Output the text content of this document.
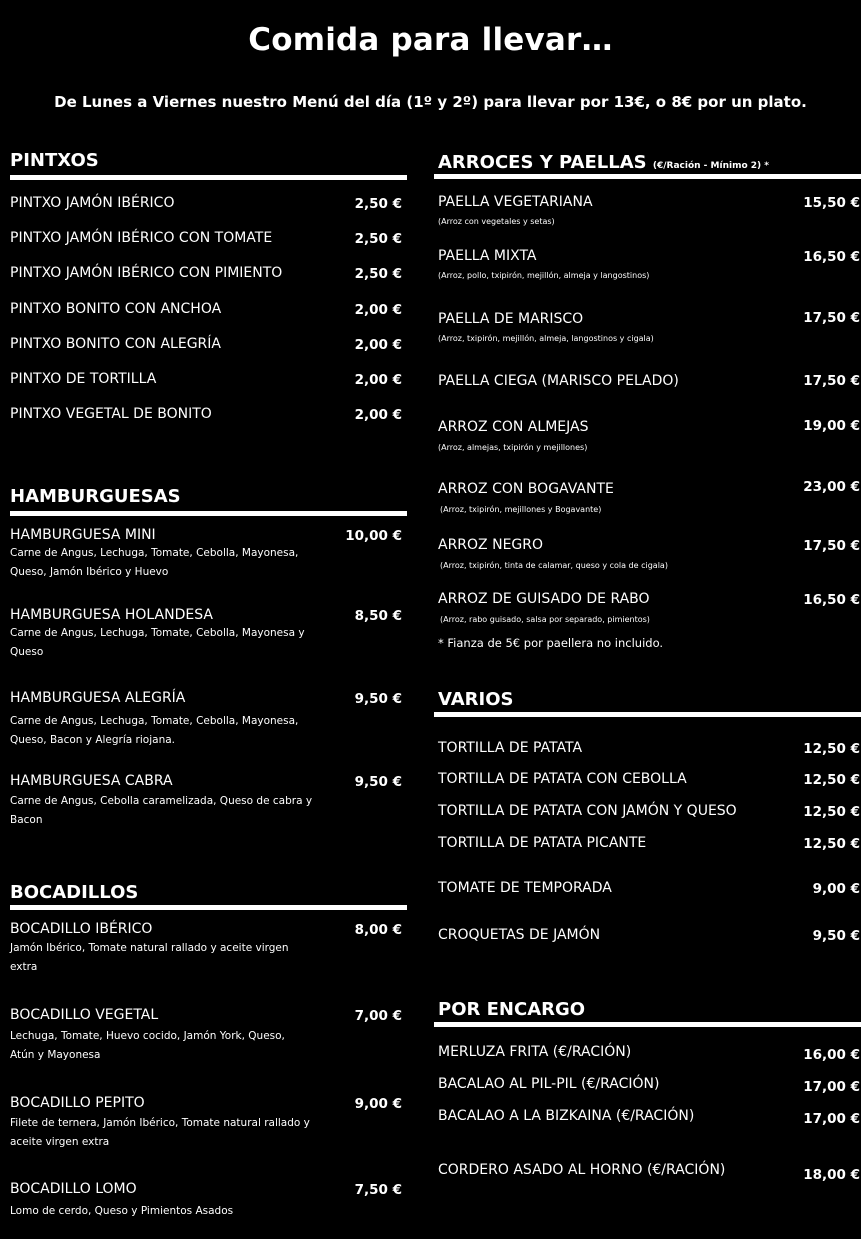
Comida para llevar…
De Lunes a Viernes nuestro Menú del día (1º y 2º) para llevar por 13€, o 8€ por un plato.
PINTXOS
PINTXO JAMÓN IBÉRICO	2,50 €
PINTXO JAMÓN IBÉRICO CON TOMATE	2,50 €
PINTXO JAMÓN IBÉRICO CON PIMIENTO	2,50 €
PINTXO BONITO CON ANCHOA	2,00 €
PINTXO BONITO CON ALEGRÍA	2,00 €
PINTXO DE TORTILLA	2,00 €
PINTXO VEGETAL DE BONITO	2,00 €
HAMBURGUESAS
HAMBURGUESA MINI	10,00 €
Carne de Angus, Lechuga, Tomate, Cebolla, Mayonesa, Queso, Jamón Ibérico y Huevo
HAMBURGUESA HOLANDESA	8,50 €
Carne de Angus, Lechuga, Tomate, Cebolla, Mayonesa y Queso
HAMBURGUESA ALEGRÍA	9,50 €
Carne de Angus, Lechuga, Tomate, Cebolla, Mayonesa, Queso, Bacon y Alegría riojana.
HAMBURGUESA CABRA	9,50 €
Carne de Angus, Cebolla caramelizada, Queso de cabra y Bacon
BOCADILLOS
BOCADILLO IBÉRICO	8,00 €
Jamón Ibérico, Tomate natural rallado y aceite virgen extra
BOCADILLO VEGETAL	7,00 €
Lechuga, Tomate, Huevo cocido, Jamón York, Queso, Atún y Mayonesa
BOCADILLO PEPITO	9,00 €
Filete de ternera, Jamón Ibérico, Tomate natural rallado y aceite virgen extra
BOCADILLO LOMO	7,50 €
Lomo de cerdo, Queso y Pimientos Asados
ARROCES Y PAELLAS (€/Ración - Mínimo 2) *
PAELLA VEGETARIANA	15,50 €
(Arroz con vegetales y setas)
PAELLA MIXTA	16,50 €
(Arroz, pollo, txipirón, mejillón, almeja y langostinos)
PAELLA DE MARISCO	17,50 €
(Arroz, txipirón, mejillón, almeja, langostinos y cigala)
PAELLA CIEGA (MARISCO PELADO)	17,50 €
ARROZ CON ALMEJAS	19,00 €
(Arroz, almejas, txipirón y mejillones)
ARROZ CON BOGAVANTE	23,00 €
(Arroz, txipirón, mejillones y Bogavante)
ARROZ NEGRO	17,50 €
(Arroz, txipirón, tinta de calamar, queso y cola de cigala)
ARROZ DE GUISADO DE RABO	16,50 €
(Arroz, rabo guisado, salsa por separado, pimientos)
* Fianza de 5€ por paellera no incluido.
VARIOS
TORTILLA DE PATATA	12,50 €
TORTILLA DE PATATA CON CEBOLLA	12,50 €
TORTILLA DE PATATA CON JAMÓN Y QUESO	12,50 €
TORTILLA DE PATATA PICANTE	12,50 €
TOMATE DE TEMPORADA	9,00 €
CROQUETAS DE JAMÓN	9,50 €
POR ENCARGO
MERLUZA FRITA (€/RACIÓN)	16,00 €
BACALAO AL PIL-PIL (€/RACIÓN)	17,00 €
BACALAO A LA BIZKAINA (€/RACIÓN)	17,00 €
CORDERO ASADO AL HORNO (€/RACIÓN)	18,00 €
